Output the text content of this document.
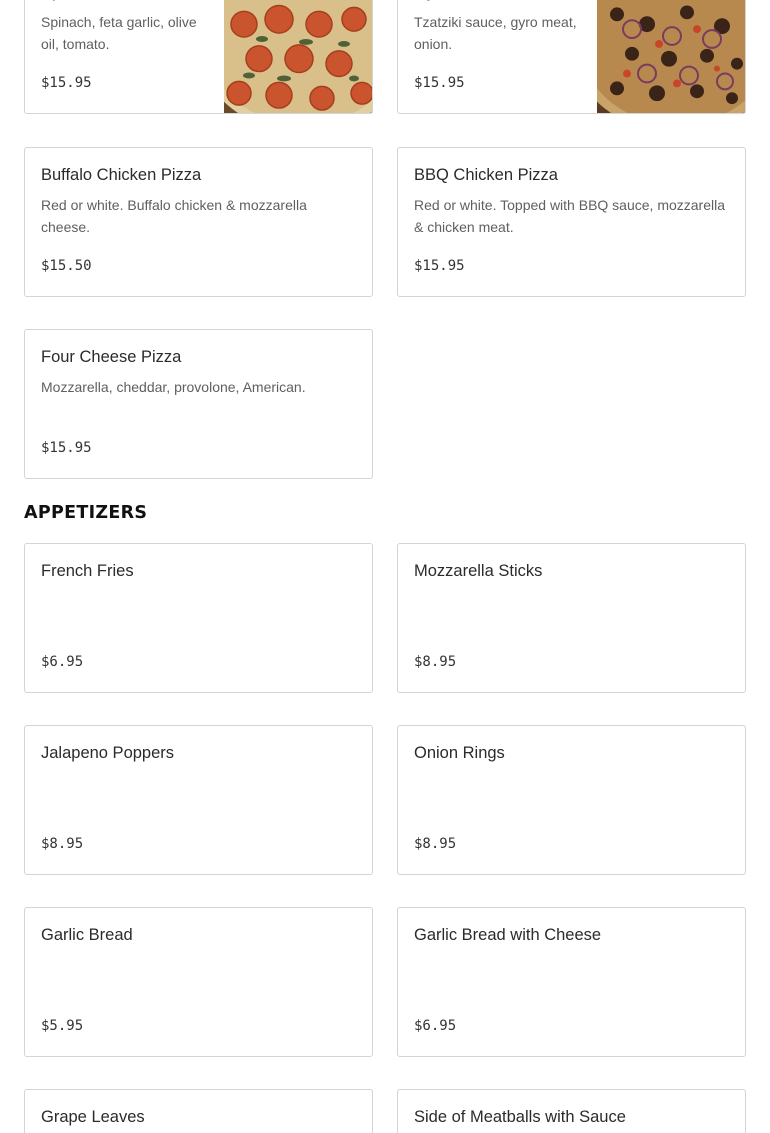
Spinach, feta garlic, olive oil, tomato.
$15.95
Tzatziki sauce, gyro meat, onion.
$15.95
Buffalo Chicken Pizza
Red or white. Buffalo chicken & mozzarella cheese.
$15.50
BBQ Chicken Pizza
Red or white. Topped with BBQ sauce, mozzarella & chicken meat.
$15.95
Four Cheese Pizza
Mozzarella, cheddar, provolone, American.
$15.95
APPETIZERS
French Fries
$6.95
Mozzarella Sticks
$8.95
Jalapeno Poppers
$8.95
Onion Rings
$8.95
Garlic Bread
$5.95
Garlic Bread with Cheese
$6.95
Grape Leaves	Side of Meatballs with Sauce
